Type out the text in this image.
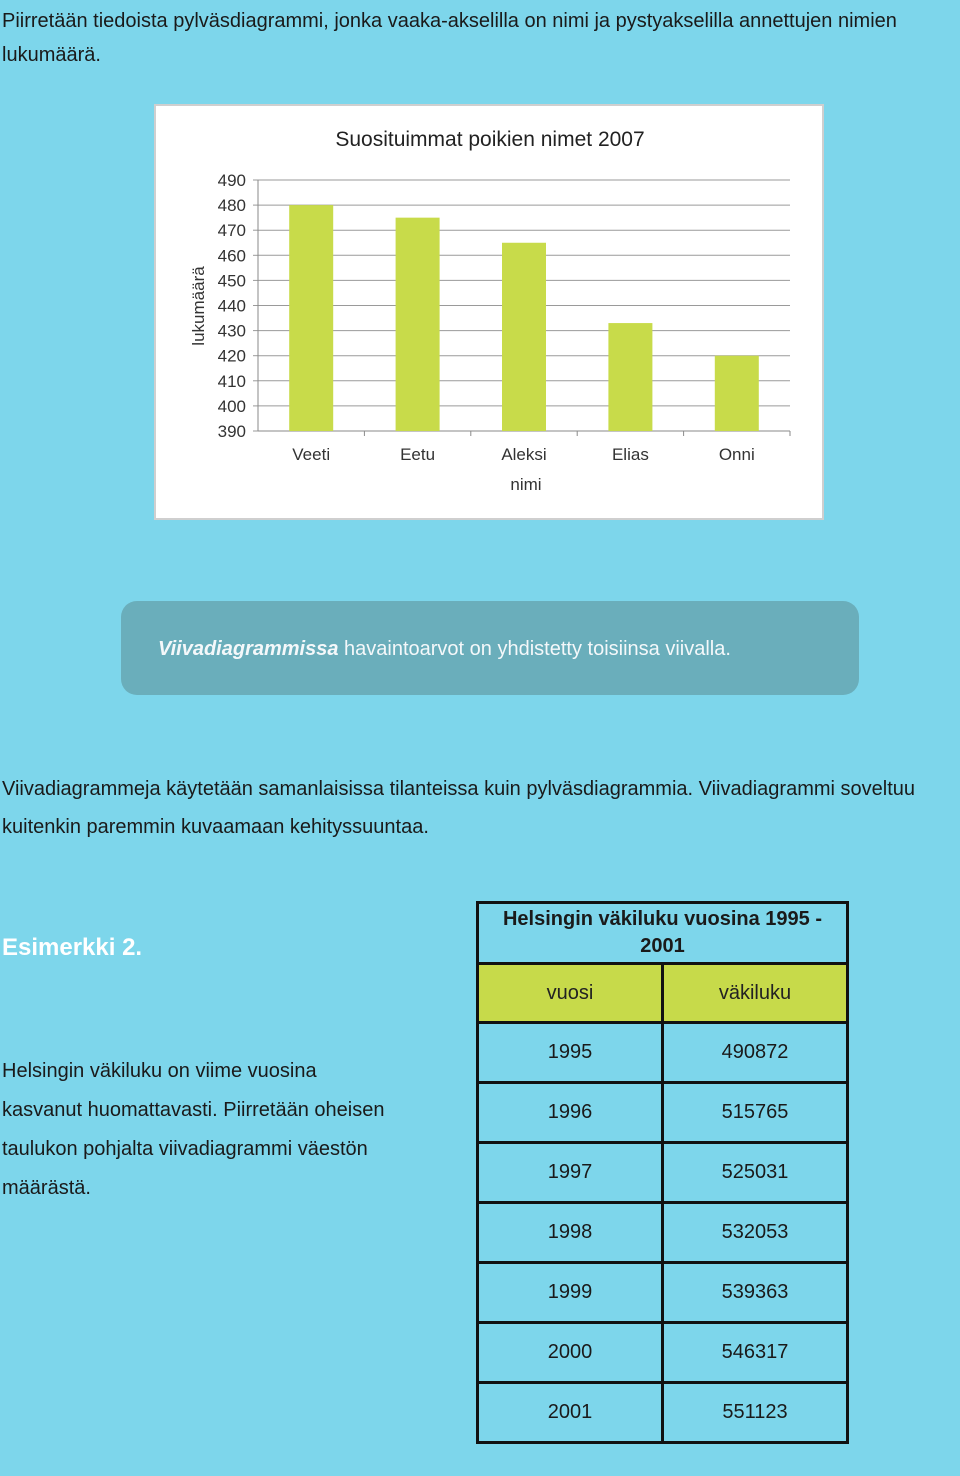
Piirretään tiedoista pylväsdiagrammi, jonka vaaka-akselilla on nimi ja pystyakselilla annettujen nimien lukumäärä.

Suosituimmat poikien nimet 2007
490
480
470
460
450
440
430
420
410
400
390
Veeti	Eetu	Aleksi	Elias	Onni
nimi
lukumäärä

Viivadiagrammissa havaintoarvot on yhdistetty toisiinsa viivalla.

Viivadiagrammeja käytetään samanlaisissa tilanteissa kuin pylväsdiagrammia. Viivadiagrammi soveltuu kuitenkin paremmin kuvaamaan kehityssuuntaa.

Esimerkki 2.

Helsingin väkiluku on viime vuosina kasvanut huomattavasti. Piirretään oheisen taulukon pohjalta viivadiagrammi väestön määrästä.

Helsingin väkiluku vuosina 1995 - 2001	
vuosi	väkiluku
1995	490872
1996	515765
1997	525031
1998	532053
1999	539363
2000	546317
2001	551123
